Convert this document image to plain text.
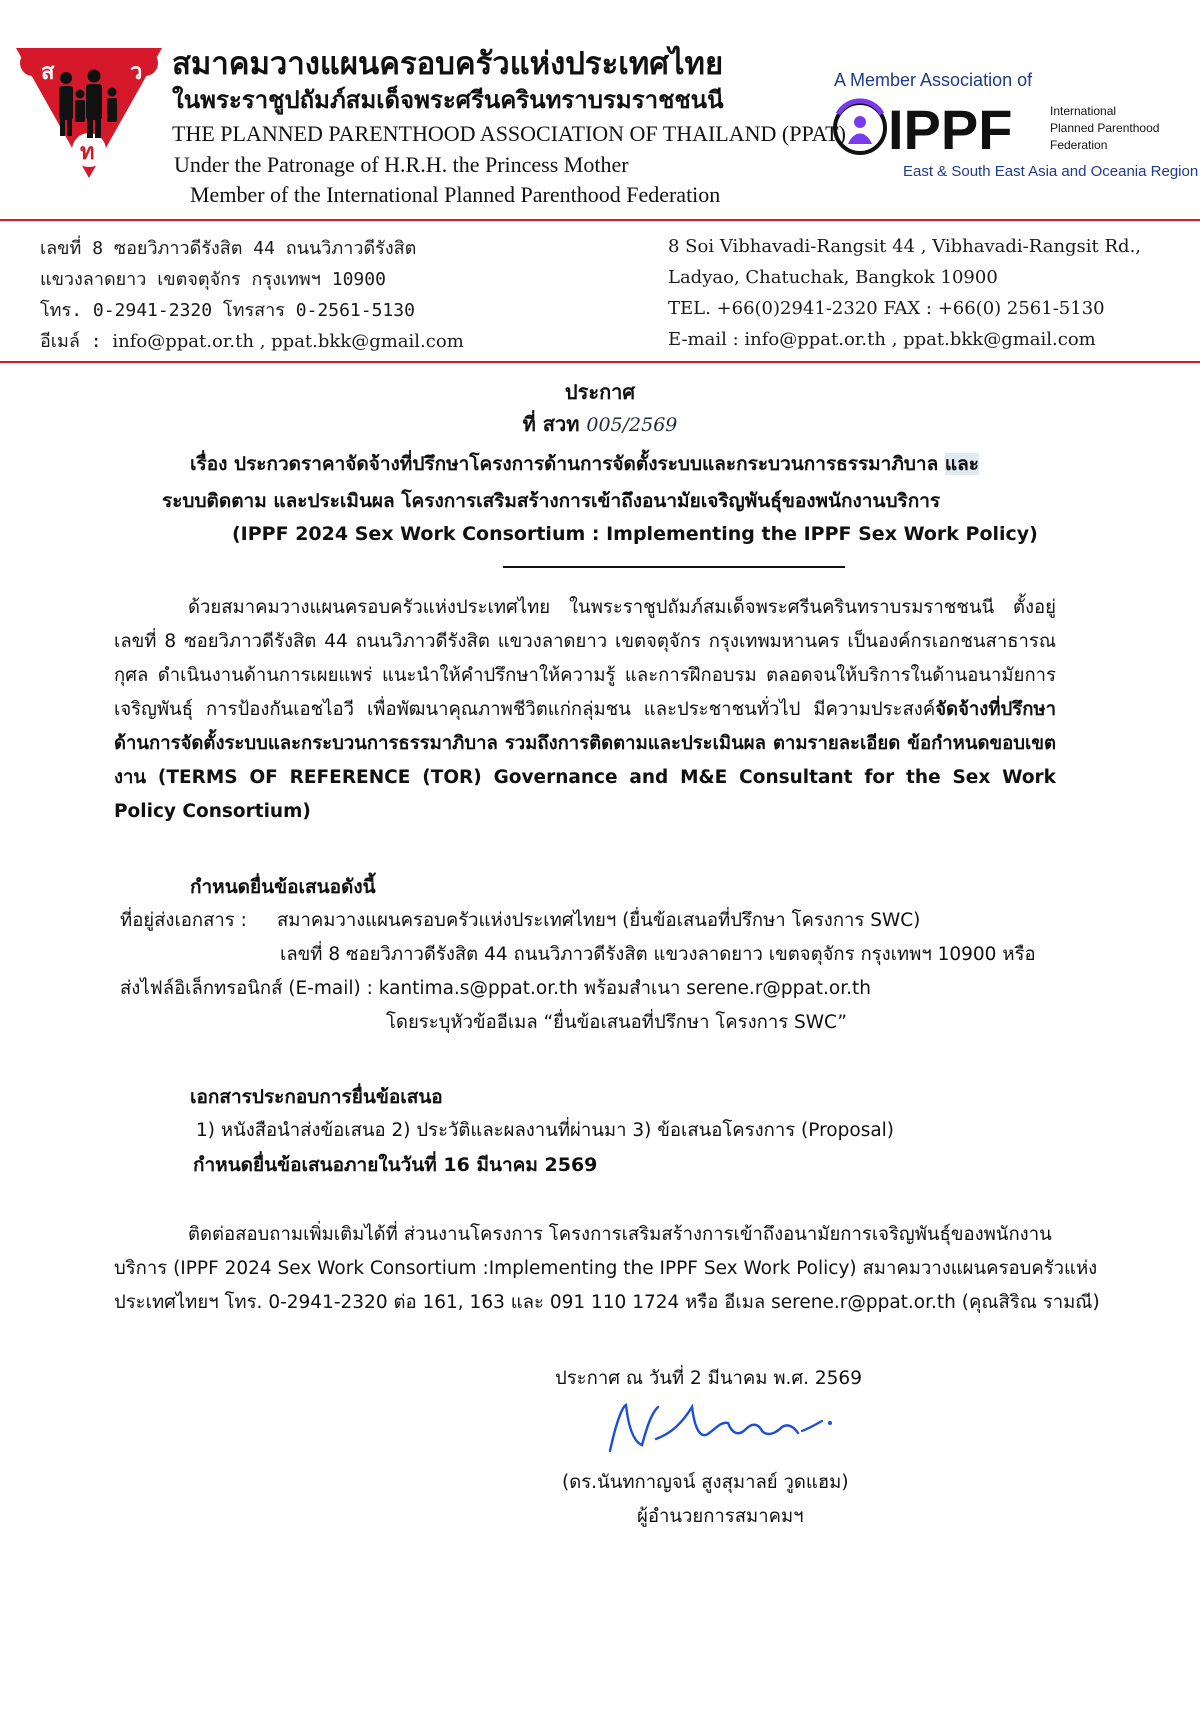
ส	ว
ท
สมาคมวางแผนครอบครัวแห่งประเทศไทย
ในพระราชูปถัมภ์สมเด็จพระศรีนครินทราบรมราชชนนี
THE PLANNED PARENTHOOD ASSOCIATION OF THAILAND (PPAT)
Under the Patronage of H.R.H. the Princess Mother
Member of the International Planned Parenthood Federation
A Member Association of
IPPF	International
Planned Parenthood
Federation
East & South East Asia and Oceania Region
เลขที่ 8 ซอยวิภาวดีรังสิต 44 ถนนวิภาวดีรังสิต
แขวงลาดยาว เขตจตุจักร กรุงเทพฯ 10900
โทร. 0-2941-2320 โทรสาร 0-2561-5130
อีเมล์ : info@ppat.or.th , ppat.bkk@gmail.com
8 Soi Vibhavadi-Rangsit 44 , Vibhavadi-Rangsit Rd.,
Ladyao, Chatuchak, Bangkok 10900
TEL. +66(0)2941-2320 FAX : +66(0) 2561-5130
E-mail : info@ppat.or.th , ppat.bkk@gmail.com
ประกาศ
ที่ สวท 005/2569
เรื่อง ประกวดราคาจัดจ้างที่ปรึกษาโครงการด้านการจัดตั้งระบบและกระบวนการธรรมาภิบาล และ
ระบบติดตาม และประเมินผล โครงการเสริมสร้างการเข้าถึงอนามัยเจริญพันธุ์ของพนักงานบริการ
(IPPF 2024 Sex Work Consortium : Implementing the IPPF Sex Work Policy)

ด้วยสมาคมวางแผนครอบครัวแห่งประเทศไทย ในพระราชูปถัมภ์สมเด็จพระศรีนครินทราบรมราชชนนี ตั้งอยู่ เลขที่ 8 ซอยวิภาวดีรังสิต 44 ถนนวิภาวดีรังสิต แขวงลาดยาว เขตจตุจักร กรุงเทพมหานคร เป็นองค์กรเอกชนสาธารณกุศล ดำเนินงานด้านการเผยแพร่ แนะนำให้คำปรึกษาให้ความรู้ และการฝึกอบรม ตลอดจนให้บริการในด้านอนามัยการเจริญพันธุ์ การป้องกันเอชไอวี เพื่อพัฒนาคุณภาพชีวิตแก่กลุ่มชน และประชาชนทั่วไป มีความประสงค์จัดจ้างที่ปรึกษาด้านการจัดตั้งระบบและกระบวนการธรรมาภิบาล รวมถึงการติดตามและประเมินผล ตามรายละเอียด ข้อกำหนดขอบเขตงาน (TERMS OF REFERENCE (TOR) Governance and M&E Consultant for the Sex Work Policy Consortium)

กำหนดยื่นข้อเสนอดังนี้
ที่อยู่ส่งเอกสาร : สมาคมวางแผนครอบครัวแห่งประเทศไทยฯ (ยื่นข้อเสนอที่ปรึกษา โครงการ SWC)
เลขที่ 8 ซอยวิภาวดีรังสิต 44 ถนนวิภาวดีรังสิต แขวงลาดยาว เขตจตุจักร กรุงเทพฯ 10900 หรือ
ส่งไฟล์อิเล็กทรอนิกส์ (E-mail) : kantima.s@ppat.or.th พร้อมสำเนา serene.r@ppat.or.th
โดยระบุหัวข้ออีเมล “ยื่นข้อเสนอที่ปรึกษา โครงการ SWC”
เอกสารประกอบการยื่นข้อเสนอ
1) หนังสือนำส่งข้อเสนอ 2) ประวัติและผลงานที่ผ่านมา 3) ข้อเสนอโครงการ (Proposal)
กำหนดยื่นข้อเสนอภายในวันที่ 16 มีนาคม 2569
ติดต่อสอบถามเพิ่มเติมได้ที่ ส่วนงานโครงการ โครงการเสริมสร้างการเข้าถึงอนามัยการเจริญพันธุ์ของพนักงาน
บริการ (IPPF 2024 Sex Work Consortium :Implementing the IPPF Sex Work Policy) สมาคมวางแผนครอบครัวแห่ง
ประเทศไทยฯ โทร. 0-2941-2320 ต่อ 161, 163 และ 091 110 1724 หรือ อีเมล serene.r@ppat.or.th (คุณสิริณ รามณี)
ประกาศ ณ วันที่ 2 มีนาคม พ.ศ. 2569
(ดร.นันทกาญจน์ สูงสุมาลย์ วูดแฮม)
ผู้อำนวยการสมาคมฯ
